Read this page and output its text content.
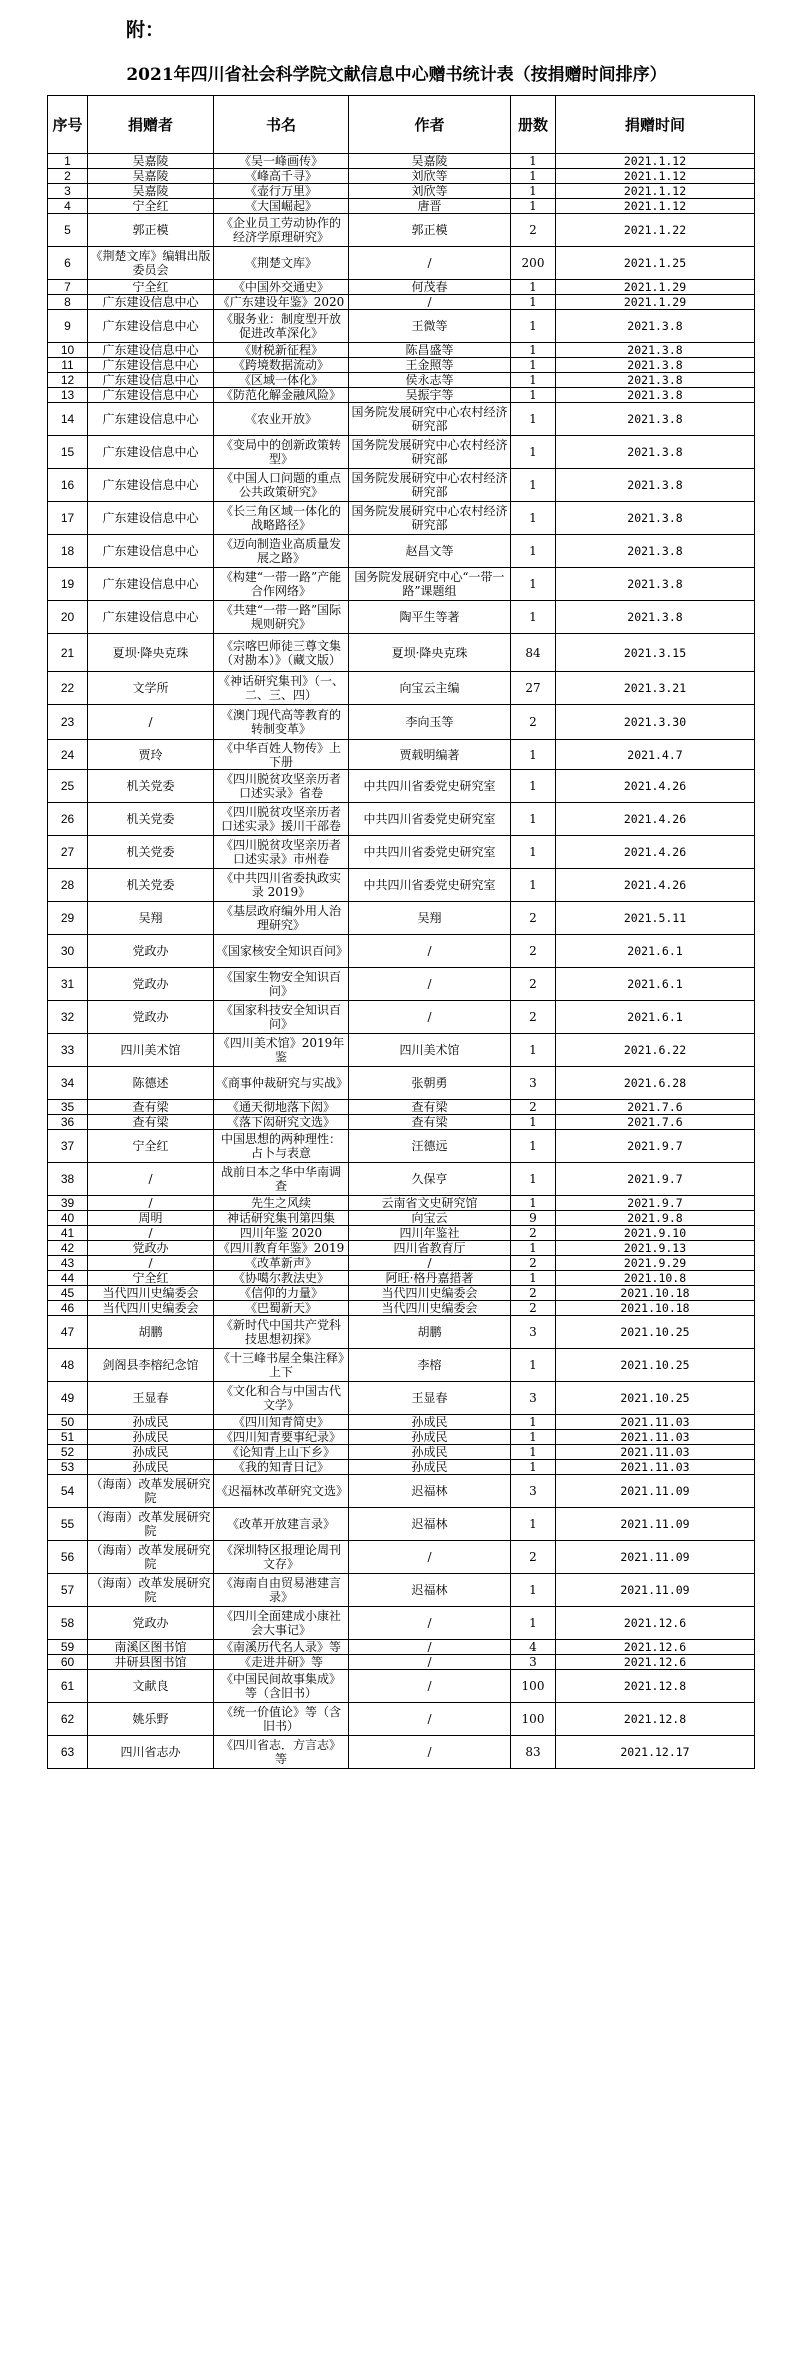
附：
2021年四川省社会科学院文献信息中心赠书统计表（按捐赠时间排序）
序号	捐赠者	书名	作者	册数	捐赠时间
1	吴嘉陵	《吴一峰画传》	吴嘉陵	1	2021.1.12
2	吴嘉陵	《峰高千寻》	刘欣等	1	2021.1.12
3	吴嘉陵	《壶行万里》	刘欣等	1	2021.1.12
4	宁全红	《大国崛起》	唐晋	1	2021.1.12
5	郭正模	《企业员工劳动协作的经济学原理研究》	郭正模	2	2021.1.22
6	《荆楚文库》编辑出版委员会	《荆楚文库》	/	200	2021.1.25
7	宁全红	《中国外交通史》	何茂春	1	2021.1.29
8	广东建设信息中心	《广东建设年鉴》2020	/	1	2021.1.29
9	广东建设信息中心	《服务业：制度型开放促进改革深化》	王微等	1	2021.3.8
10	广东建设信息中心	《财税新征程》	陈昌盛等	1	2021.3.8
11	广东建设信息中心	《跨境数据流动》	王金照等	1	2021.3.8
12	广东建设信息中心	《区域一体化》	侯永志等	1	2021.3.8
13	广东建设信息中心	《防范化解金融风险》	吴振宇等	1	2021.3.8
14	广东建设信息中心	《农业开放》	国务院发展研究中心农村经济研究部	1	2021.3.8
15	广东建设信息中心	《变局中的创新政策转型》	国务院发展研究中心农村经济研究部	1	2021.3.8
16	广东建设信息中心	《中国人口问题的重点公共政策研究》	国务院发展研究中心农村经济研究部	1	2021.3.8
17	广东建设信息中心	《长三角区域一体化的战略路径》	国务院发展研究中心农村经济研究部	1	2021.3.8
18	广东建设信息中心	《迈向制造业高质量发展之路》	赵昌文等	1	2021.3.8
19	广东建设信息中心	《构建“一带一路”产能合作网络》	国务院发展研究中心“一带一路”课题组	1	2021.3.8
20	广东建设信息中心	《共建“一带一路”国际规则研究》	陶平生等著	1	2021.3.8
21	夏坝·降央克珠	《宗喀巴师徒三尊文集（对勘本）》（藏文版）	夏坝·降央克珠	84	2021.3.15
22	文学所	《神话研究集刊》（一、二、三、四）	向宝云主编	27	2021.3.21
23	/	《澳门现代高等教育的转制变革》	李向玉等	2	2021.3.30
24	贾玲	《中华百姓人物传》上下册	贾载明编著	1	2021.4.7
25	机关党委	《四川脱贫攻坚亲历者口述实录》省卷	中共四川省委党史研究室	1	2021.4.26
26	机关党委	《四川脱贫攻坚亲历者口述实录》援川干部卷	中共四川省委党史研究室	1	2021.4.26
27	机关党委	《四川脱贫攻坚亲历者口述实录》市州卷	中共四川省委党史研究室	1	2021.4.26
28	机关党委	《中共四川省委执政实录 2019》	中共四川省委党史研究室	1	2021.4.26
29	吴翔	《基层政府编外用人治理研究》	吴翔	2	2021.5.11
30	党政办	《国家核安全知识百问》	/	2	2021.6.1
31	党政办	《国家生物安全知识百问》	/	2	2021.6.1
32	党政办	《国家科技安全知识百问》	/	2	2021.6.1
33	四川美术馆	《四川美术馆》2019年鉴	四川美术馆	1	2021.6.22
34	陈德述	《商事仲裁研究与实战》	张朝勇	3	2021.6.28
35	查有梁	《通天彻地落下闳》	查有梁	2	2021.7.6
36	查有梁	《落下闳研究文选》	查有梁	1	2021.7.6
37	宁全红	中国思想的两种理性：占卜与表意	汪德远	1	2021.9.7
38	/	战前日本之华中华南调查	久保亨	1	2021.9.7
39	/	先生之风续	云南省文史研究馆	1	2021.9.7
40	周明	神话研究集刊第四集	向宝云	9	2021.9.8
41	/	四川年鉴 2020	四川年鉴社	2	2021.9.10
42	党政办	《四川教育年鉴》2019	四川省教育厅	1	2021.9.13
43	/	《改革新声》	/	2	2021.9.29
44	宁全红	《协噶尔教法史》	阿旺·格丹嘉措著	1	2021.10.8
45	当代四川史编委会	《信仰的力量》	当代四川史编委会	2	2021.10.18
46	当代四川史编委会	《巴蜀新天》	当代四川史编委会	2	2021.10.18
47	胡鹏	《新时代中国共产党科技思想初探》	胡鹏	3	2021.10.25
48	剑阁县李榕纪念馆	《十三峰书屋全集注释》上下	李榕	1	2021.10.25
49	王显春	《文化和合与中国古代文学》	王显春	3	2021.10.25
50	孙成民	《四川知青简史》	孙成民	1	2021.11.03
51	孙成民	《四川知青要事纪录》	孙成民	1	2021.11.03
52	孙成民	《论知青上山下乡》	孙成民	1	2021.11.03
53	孙成民	《我的知青日记》	孙成民	1	2021.11.03
54	（海南）改革发展研究院	《迟福林改革研究文选》	迟福林	3	2021.11.09
55	（海南）改革发展研究院	《改革开放建言录》	迟福林	1	2021.11.09
56	（海南）改革发展研究院	《深圳特区报理论周刊文存》	/	2	2021.11.09
57	（海南）改革发展研究院	《海南自由贸易港建言录》	迟福林	1	2021.11.09
58	党政办	《四川全面建成小康社会大事记》	/	1	2021.12.6
59	南溪区图书馆	《南溪历代名人录》等	/	4	2021.12.6
60	井研县图书馆	《走进井研》等	/	3	2021.12.6
61	文献良	《中国民间故事集成》等（含旧书）	/	100	2021.12.8
62	姚乐野	《统一价值论》等（含旧书）	/	100	2021.12.8
63	四川省志办	《四川省志．方言志》等	/	83	2021.12.17
